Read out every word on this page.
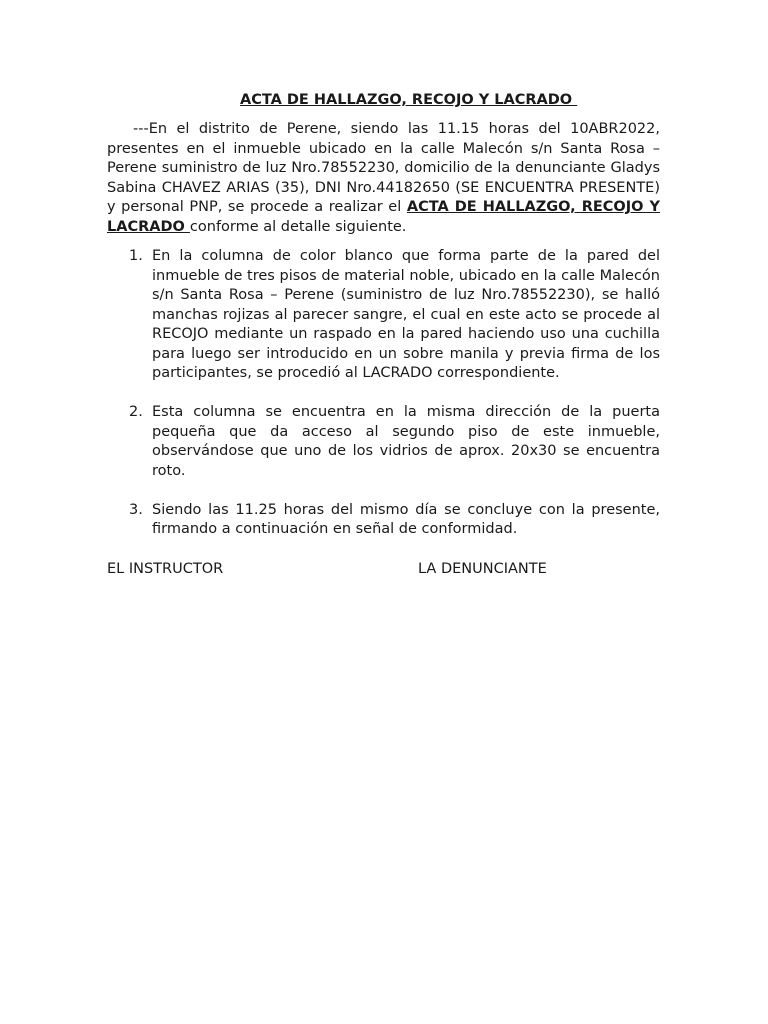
ACTA DE HALLAZGO, RECOJO Y LACRADO

---En el distrito de Perene, siendo las 11.15 horas del 10ABR2022, presentes en el inmueble ubicado en la calle Malecón s/n Santa Rosa – Perene suministro de luz Nro.78552230, domicilio de la denunciante Gladys Sabina CHAVEZ ARIAS (35), DNI Nro.44182650 (SE ENCUENTRA PRESENTE) y personal PNP, se procede a realizar el ACTA DE HALLAZGO, RECOJO Y LACRADO conforme al detalle siguiente.

1. En la columna de color blanco que forma parte de la pared del inmueble de tres pisos de material noble, ubicado en la calle Malecón s/n Santa Rosa – Perene (suministro de luz Nro.78552230), se halló manchas rojizas al parecer sangre, el cual en este acto se procede al RECOJO mediante un raspado en la pared haciendo uso una cuchilla para luego ser introducido en un sobre manila y previa firma de los participantes, se procedió al LACRADO correspondiente.
2. Esta columna se encuentra en la misma dirección de la puerta pequeña que da acceso al segundo piso de este inmueble, observándose que uno de los vidrios de aprox. 20x30 se encuentra roto.
3. Siendo las 11.25 horas del mismo día se concluye con la presente, firmando a continuación en señal de conformidad.
EL INSTRUCTOR	LA DENUNCIANTE
